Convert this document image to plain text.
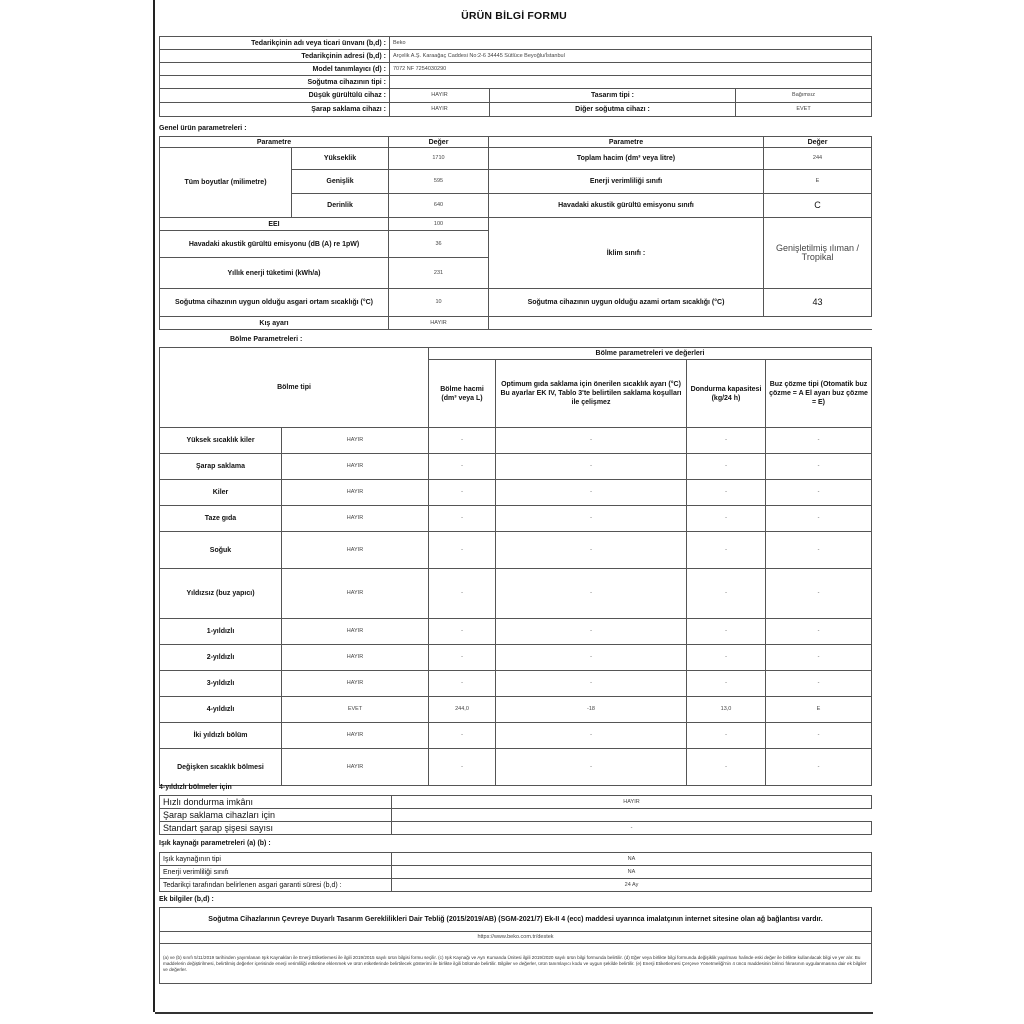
ÜRÜN BİLGİ FORMU
Tedarikçinin adı veya ticari ünvanı (b,d) :	Beko		
Tedarikçinin adresi (b,d) :	Arçelik A.Ş. Karaağaç Caddesi No:2-6 34445 Sütlüce Beyoğlu/İstanbul		
Model tanımlayıcı (d) :	7072 NF 7254030290		
Soğutma cihazının tipi :			
Düşük gürültülü cihaz :	HAYIR	Tasarım tipi :	Bağımsız
Şarap saklama cihazı :	HAYIR	Diğer soğutma cihazı :	EVET
Genel ürün parametreleri :
Parametre		Değer	Parametre	Değer
Tüm boyutlar (milimetre)	Yükseklik	1710	Toplam hacim (dm³ veya litre)	244
	Genişlik	595	Enerji verimliliği sınıfı	E
	Derinlik	640	Havadaki akustik gürültü emisyonu sınıfı	C
EEI		100	İklim sınıfı :	Genişletilmiş ılıman / Tropikal
Havadaki akustik gürültü emisyonu (dB (A) re 1pW)		36		
Yıllık enerji tüketimi (kWh/a)		231		
Soğutma cihazının uygun olduğu asgari ortam sıcaklığı (°C)		10	Soğutma cihazının uygun olduğu azami ortam sıcaklığı (°C)	43
Kış ayarı		HAYIR		
Bölme Parametreleri :
Bölme tipi		Bölme parametreleri ve değerleri			
		Bölme hacmi (dm³ veya L)	Optimum gıda saklama için önerilen sıcaklık ayarı (°C) Bu ayarlar EK IV, Tablo 3'te belirtilen saklama koşulları ile çelişmez	Dondurma kapasitesi (kg/24 h)	Buz çözme tipi (Otomatik buz çözme = A El ayarı buz çözme = E)
Yüksek sıcaklık kiler	HAYIR	-	-	-	-
Şarap saklama	HAYIR	-	-	-	-
Kiler	HAYIR	-	-	-	-
Taze gıda	HAYIR	-	-	-	-
Soğuk	HAYIR	-	-	-	-
Yıldızsız (buz yapıcı)	HAYIR	-	-	-	-
1-yıldızlı	HAYIR	-	-	-	-
2-yıldızlı	HAYIR	-	-	-	-
3-yıldızlı	HAYIR	-	-	-	-
4-yıldızlı	EVET	244,0	-18	13,0	E
İki yıldızlı bölüm	HAYIR	-	-	-	-
Değişken sıcaklık bölmesi	HAYIR	-	-	-	-
4-yıldızlı bölmeler için
Hızlı dondurma imkânı	HAYIR
Şarap saklama cihazları için	
Standart şarap şişesi sayısı	-
Işık kaynağı parametreleri (a) (b) :
Işık kaynağının tipi	NA
Enerji verimliliği sınıfı	NA
Tedarikçi tarafından belirlenen asgari garanti süresi (b,d) :	24 Ay
Ek bilgiler (b,d) :
Soğutma Cihazlarının Çevreye Duyarlı Tasarım Gereklilikleri Dair Tebliğ (2015/2019/AB) (SGM-2021/7) Ek-II 4 (ecc) maddesi uyarınca imalatçının internet sitesine olan ağ bağlantısı vardır.
https://www.beko.com.tr/destek
(a) ve (b) sınıfı 5/11/2019 tarihinden yayımlanan Işık Kaynakları ile Enerji Etiketlemesi ile ilgili 2019/2015 sayılı ürün bilgisi formu seçilir. (c) Işık Kaynağı ve Ayrı Kumanda Ünitesi ilgili 2019/2020 sayılı ürün bilgi formunda belirtilir. (d) Eğer veya birlikte bilgi formunda değişiklik yapılması halinde eski değer ile birlikte kullanılacak bilgi ve yer alır. Bu maddelerin değiştirilmesi, belirtilmiş değerler içerisinde enerji verimliliği etiketine eklenmek ve ürün etiketlerinde belirtilecek gösterimi ile birlikte ilgili bölümde belirtilir. Bilgiler ve değerler, ürün tanımlayıcı kodu ve uygun şekilde belirtilir. (e) Enerji Etiketlemesi Çerçeve Yönetmeliği'nin 4 üncü maddesinin birinci fıkrasının uygulanmasına dair ek bilgiler ve değerler.
